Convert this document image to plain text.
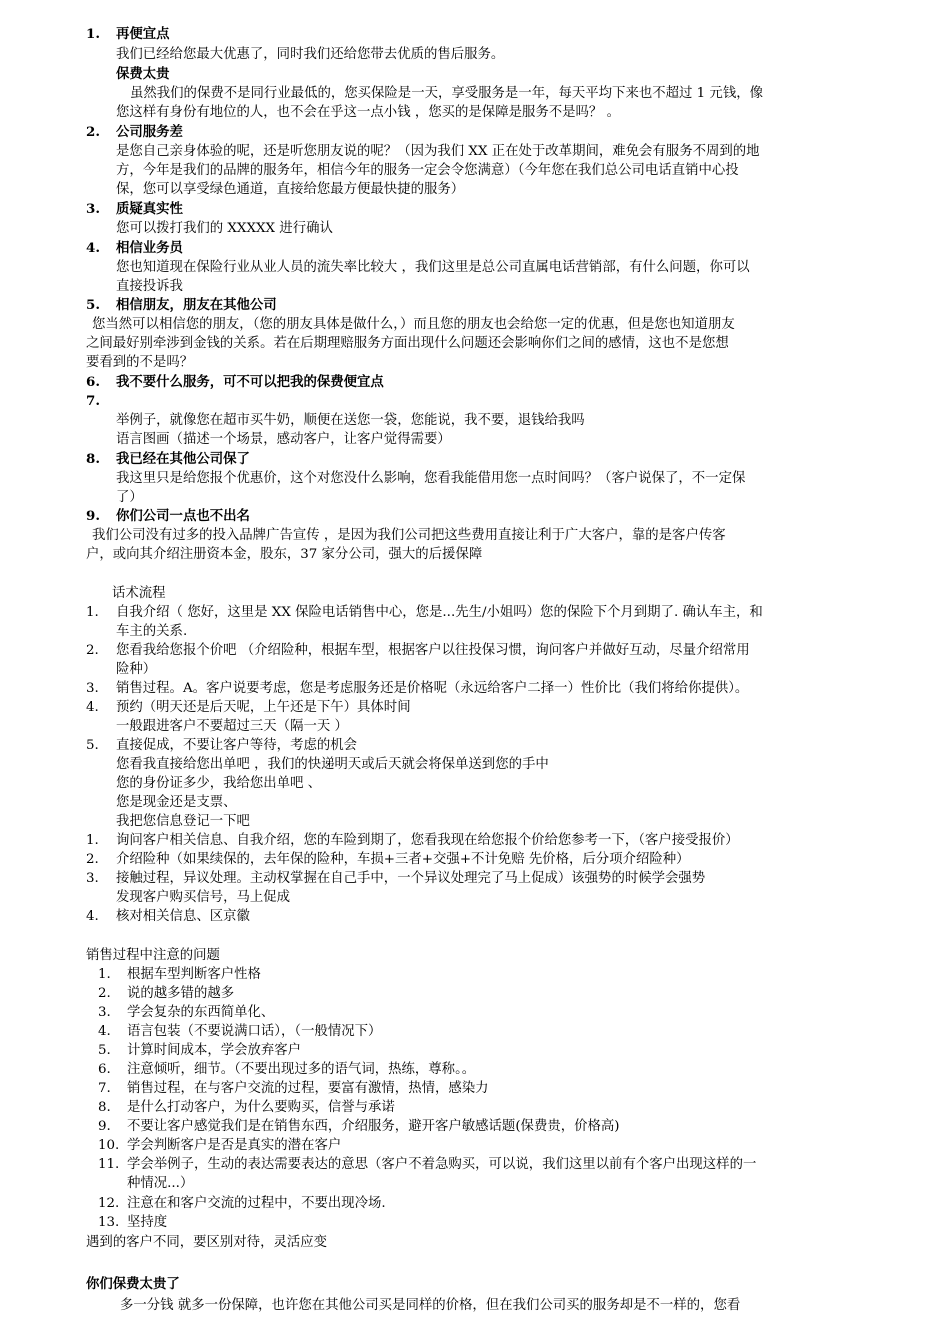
1. 再便宜点
我们已经给您最大优惠了，同时我们还给您带去优质的售后服务。
保费太贵
虽然我们的保费不是同行业最低的，您买保险是一天，享受服务是一年，每天平均下来也不超过 1 元钱，像
您这样有身份有地位的人，也不会在乎这一点小钱 ，您买的是保障是服务不是吗？ 。
2. 公司服务差
是您自己亲身体验的呢，还是听您朋友说的呢？（因为我们 XX 正在处于改革期间，难免会有服务不周到的地
方，今年是我们的品牌的服务年，相信今年的服务一定会令您满意）（今年您在我们总公司电话直销中心投
保，您可以享受绿色通道，直接给您最方便最快捷的服务）
3. 质疑真实性
您可以拨打我们的 XXXXX 进行确认
4. 相信业务员
您也知道现在保险行业从业人员的流失率比较大 ，我们这里是总公司直属电话营销部，有什么问题，你可以
直接投诉我
5. 相信朋友，朋友在其他公司
您当然可以相信您的朋友，（您的朋友具体是做什么，）而且您的朋友也会给您一定的优惠，但是您也知道朋友
之间最好别牵涉到金钱的关系。若在后期理赔服务方面出现什么问题还会影响你们之间的感情，这也不是您想
要看到的不是吗？
6. 我不要什么服务，可不可以把我的保费便宜点
7.
举例子，就像您在超市买牛奶，顺便在送您一袋，您能说，我不要，退钱给我吗
语言图画（描述一个场景，感动客户，让客户觉得需要）
8. 我已经在其他公司保了
我这里只是给您报个优惠价，这个对您没什么影响，您看我能借用您一点时间吗？（客户说保了，不一定保
了）
9. 你们公司一点也不出名
我们公司没有过多的投入品牌广告宣传 ，是因为我们公司把这些费用直接让利于广大客户，靠的是客户传客
户，或向其介绍注册资本金，股东，37 家分公司，强大的后援保障
话术流程
1. 自我介绍（ 您好，这里是 XX 保险电话销售中心，您是...先生/小姐吗）您的保险下个月到期了. 确认车主，和
车主的关系.
2. 您看我给您报个价吧 （介绍险种，根据车型，根据客户以往投保习惯，询问客户并做好互动，尽量介绍常用
险种）
3. 销售过程。A。客户说要考虑，您是考虑服务还是价格呢（永远给客户二择一）性价比（我们将给你提供）。
4. 预约（明天还是后天呢，上午还是下午）具体时间
一般跟进客户不要超过三天（隔一天 ）
5. 直接促成，不要让客户等待，考虑的机会
您看我直接给您出单吧 ，我们的快递明天或后天就会将保单送到您的手中
您的身份证多少，我给您出单吧 、
您是现金还是支票、
我把您信息登记一下吧
1. 询问客户相关信息、自我介绍，您的车险到期了，您看我现在给您报个价给您参考一下，（客户接受报价）
2. 介绍险种（如果续保的，去年保的险种，车损+三者+交强+不计免赔 先价格，后分项介绍险种）
3. 接触过程，异议处理。主动权掌握在自己手中，一个异议处理完了马上促成）该强势的时候学会强势
发现客户购买信号，马上促成
4. 核对相关信息、区京徽
销售过程中注意的问题
1. 根据车型判断客户性格
2. 说的越多错的越多
3. 学会复杂的东西简单化、
4. 语言包装（不要说满口话），（一般情况下）
5. 计算时间成本，学会放弃客户
6. 注意倾听，细节。（不要出现过多的语气词，热练，尊称。。
7. 销售过程，在与客户交流的过程，要富有激情，热情，感染力
8. 是什么打动客户，为什么要购买，信誉与承诺
9. 不要让客户感觉我们是在销售东西，介绍服务，避开客户敏感话题(保费贵，价格高)
10. 学会判断客户是否是真实的潜在客户
11. 学会举例子，生动的表达需要表达的意思（客户不着急购买，可以说，我们这里以前有个客户出现这样的一
种情况...）
12. 注意在和客户交流的过程中，不要出现冷场.
13. 坚持度
遇到的客户不同，要区别对待，灵活应变
你们保费太贵了
多一分钱 就多一份保障，也许您在其他公司买是同样的价格，但在我们公司买的服务却是不一样的，您看
